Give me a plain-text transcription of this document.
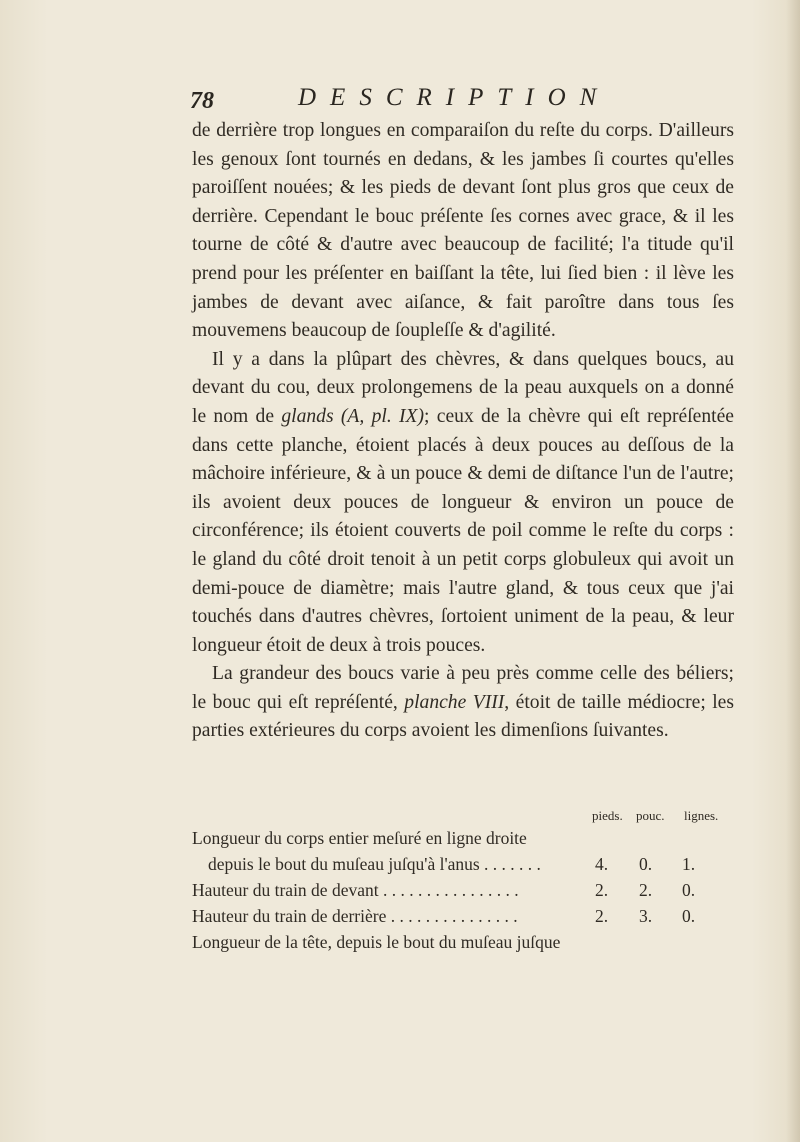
78	DESCRIPTION

de derrière trop longues en comparaiſon du reſte du corps. D'ailleurs les genoux ſont tournés en dedans, & les jambes ſi courtes qu'elles paroiſſent nouées; & les pieds de devant ſont plus gros que ceux de derrière. Cependant le bouc préſente ſes cornes avec grace, & il les tourne de côté & d'autre avec beaucoup de facilité; l'a titude qu'il prend pour les préſenter en baiſſant la tête, lui ſied bien : il lève les jambes de devant avec aiſance, & fait paroître dans tous ſes mouvemens beaucoup de ſoupleſſe & d'agilité.

Il y a dans la plûpart des chèvres, & dans quelques boucs, au devant du cou, deux prolongemens de la peau auxquels on a donné le nom de glands (A, pl. IX); ceux de la chèvre qui eſt repréſentée dans cette planche, étoient placés à deux pouces au deſſous de la mâchoire inférieure, & à un pouce & demi de diſtance l'un de l'autre; ils avoient deux pouces de longueur & environ un pouce de circonférence; ils étoient couverts de poil comme le reſte du corps : le gland du côté droit tenoit à un petit corps globuleux qui avoit un demi-pouce de diamètre; mais l'autre gland, & tous ceux que j'ai touchés dans d'autres chèvres, ſortoient uniment de la peau, & leur longueur étoit de deux à trois pouces.

La grandeur des boucs varie à peu près comme celle des béliers; le bouc qui eſt repréſenté, planche VIII, étoit de taille médiocre; les parties extérieures du corps avoient les dimenſions ſuivantes.

pieds. pouc. lignes.
Longueur du corps entier meſuré en ligne droite
depuis le bout du muſeau juſqu'à l'anus . . . . . . .	4.	0.	1.
Hauteur du train de devant . . . . . . . . . . . . . . . .	2.	2.	0.
Hauteur du train de derrière . . . . . . . . . . . . . . .	2.	3.	0.
Longueur de la tête, depuis le bout du muſeau juſque
